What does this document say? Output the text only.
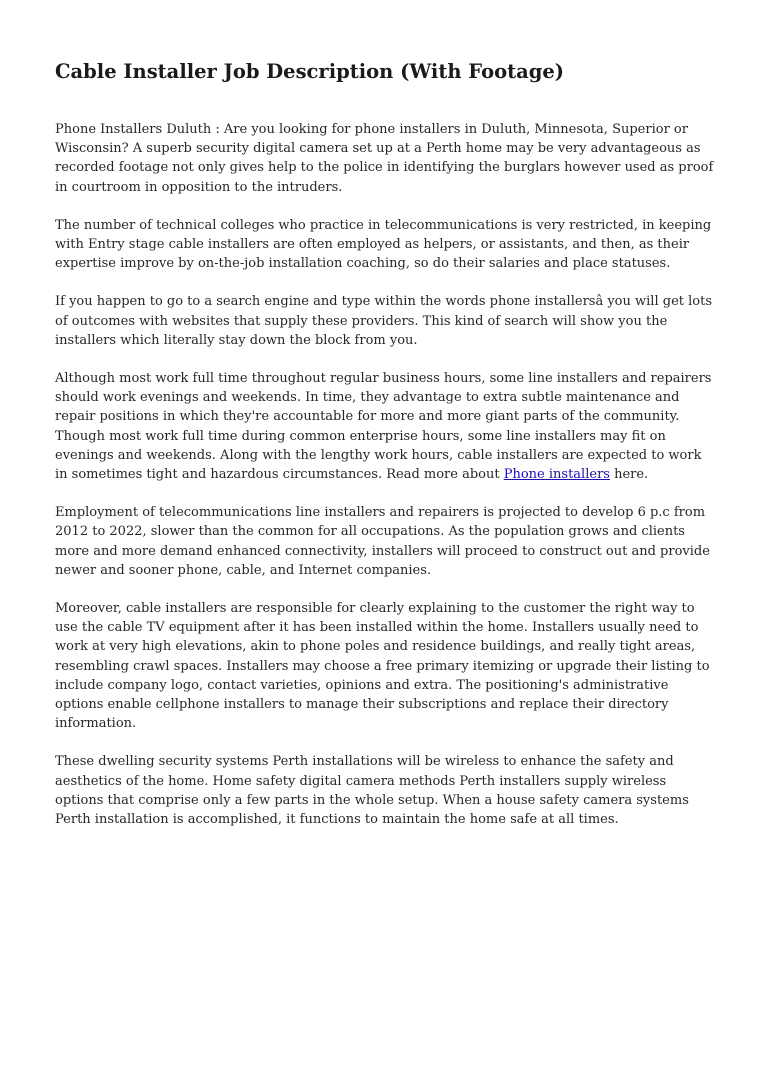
Cable Installer Job Description (With Footage)

Phone Installers Duluth : Are you looking for phone installers in Duluth, Minnesota, Superior or Wisconsin? A superb security digital camera set up at a Perth home may be very advantageous as recorded footage not only gives help to the police in identifying the burglars however used as proof in courtroom in opposition to the intruders.

The number of technical colleges who practice in telecommunications is very restricted, in keeping with Entry stage cable installers are often employed as helpers, or assistants, and then, as their expertise improve by on-the-job installation coaching, so do their salaries and place statuses.

If you happen to go to a search engine and type within the words phone installersâ you will get lots of outcomes with websites that supply these providers. This kind of search will show you the installers which literally stay down the block from you.

Although most work full time throughout regular business hours, some line installers and repairers should work evenings and weekends. In time, they advantage to extra subtle maintenance and repair positions in which they're accountable for more and more giant parts of the community. Though most work full time during common enterprise hours, some line installers may fit on evenings and weekends. Along with the lengthy work hours, cable installers are expected to work in sometimes tight and hazardous circumstances. Read more about Phone installers here.

Employment of telecommunications line installers and repairers is projected to develop 6 p.c from 2012 to 2022, slower than the common for all occupations. As the population grows and clients more and more demand enhanced connectivity, installers will proceed to construct out and provide newer and sooner phone, cable, and Internet companies.

Moreover, cable installers are responsible for clearly explaining to the customer the right way to use the cable TV equipment after it has been installed within the home. Installers usually need to work at very high elevations, akin to phone poles and residence buildings, and really tight areas, resembling crawl spaces. Installers may choose a free primary itemizing or upgrade their listing to include company logo, contact varieties, opinions and extra. The positioning's administrative options enable cellphone installers to manage their subscriptions and replace their directory information.

These dwelling security systems Perth installations will be wireless to enhance the safety and aesthetics of the home. Home safety digital camera methods Perth installers supply wireless options that comprise only a few parts in the whole setup. When a house safety camera systems Perth installation is accomplished, it functions to maintain the home safe at all times.
